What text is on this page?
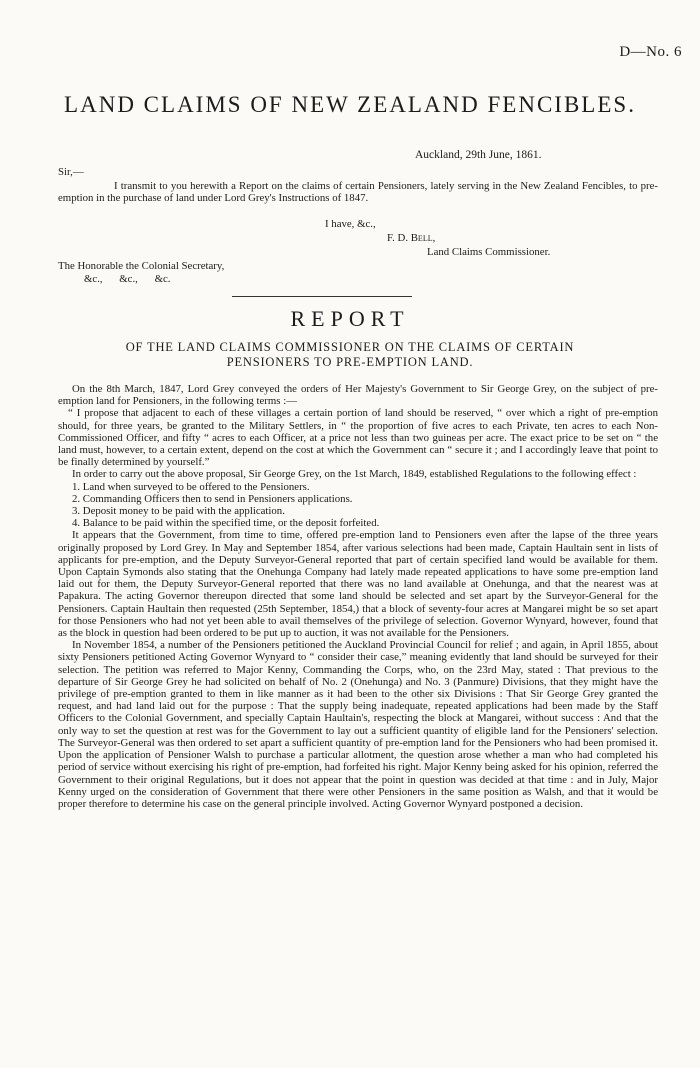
D—No. 6
LAND CLAIMS OF NEW ZEALAND FENCIBLES.
Auckland, 29th June, 1861.
Sir,—
I transmit to you herewith a Report on the claims of certain Pensioners, lately serving in the New Zealand Fencibles, to pre-emption in the purchase of land under Lord Grey's Instructions of 1847.
I have, &c.,
F. D. Bell,
Land Claims Commissioner.
The Honorable the Colonial Secretary,
&c., &c., &c.
REPORT
OF THE LAND CLAIMS COMMISSIONER ON THE CLAIMS OF CERTAIN
PENSIONERS TO PRE-EMPTION LAND.

On the 8th March, 1847, Lord Grey conveyed the orders of Her Majesty's Government to Sir George Grey, on the subject of pre-emption land for Pensioners, in the following terms :—

“ I propose that adjacent to each of these villages a certain portion of land should be reserved, “ over which a right of pre-emption should, for three years, be granted to the Military Settlers, in “ the proportion of five acres to each Private, ten acres to each Non-Commissioned Officer, and fifty “ acres to each Officer, at a price not less than two guineas per acre. The exact price to be set on “ the land must, however, to a certain extent, depend on the cost at which the Government can “ secure it ; and I accordingly leave that point to be finally determined by yourself.”

In order to carry out the above proposal, Sir George Grey, on the 1st March, 1849, established Regulations to the following effect :

1. Land when surveyed to be offered to the Pensioners.

2. Commanding Officers then to send in Pensioners applications.

3. Deposit money to be paid with the application.

4. Balance to be paid within the specified time, or the deposit forfeited.

It appears that the Government, from time to time, offered pre-emption land to Pensioners even after the lapse of the three years originally proposed by Lord Grey. In May and September 1854, after various selections had been made, Captain Haultain sent in lists of applicants for pre-emption, and the Deputy Surveyor-General reported that part of certain specified land would be available for them. Upon Captain Symonds also stating that the Onehunga Company had lately made repeated applications to have some pre-emption land laid out for them, the Deputy Surveyor-General reported that there was no land available at Onehunga, and that the nearest was at Papakura. The acting Governor thereupon directed that some land should be selected and set apart by the Surveyor-General for the Pensioners. Captain Haultain then requested (25th September, 1854,) that a block of seventy-four acres at Mangarei might be so set apart for those Pensioners who had not yet been able to avail themselves of the privilege of selection. Governor Wynyard, however, found that as the block in question had been ordered to be put up to auction, it was not available for the Pensioners.

In November 1854, a number of the Pensioners petitioned the Auckland Provincial Council for relief ; and again, in April 1855, about sixty Pensioners petitioned Acting Governor Wynyard to “ consider their case,” meaning evidently that land should be surveyed for their selection. The petition was referred to Major Kenny, Commanding the Corps, who, on the 23rd May, stated : That previous to the departure of Sir George Grey he had solicited on behalf of No. 2 (Onehunga) and No. 3 (Panmure) Divisions, that they might have the privilege of pre-emption granted to them in like manner as it had been to the other six Divisions : That Sir George Grey granted the request, and had land laid out for the purpose : That the supply being inadequate, repeated applications had been made by the Staff Officers to the Colonial Government, and specially Captain Haultain's, respecting the block at Mangarei, without success : And that the only way to set the question at rest was for the Government to lay out a sufficient quantity of eligible land for the Pensioners' selection. The Surveyor-General was then ordered to set apart a sufficient quantity of pre-emption land for the Pensioners who had been promised it. Upon the application of Pensioner Walsh to purchase a particular allotment, the question arose whether a man who had completed his period of service without exercising his right of pre-emption, had forfeited his right. Major Kenny being asked for his opinion, referred the Government to their original Regulations, but it does not appear that the point in question was decided at that time : and in July, Major Kenny urged on the consideration of Government that there were other Pensioners in the same position as Walsh, and that it would be proper therefore to determine his case on the general principle involved. Acting Governor Wynyard postponed a decision.
